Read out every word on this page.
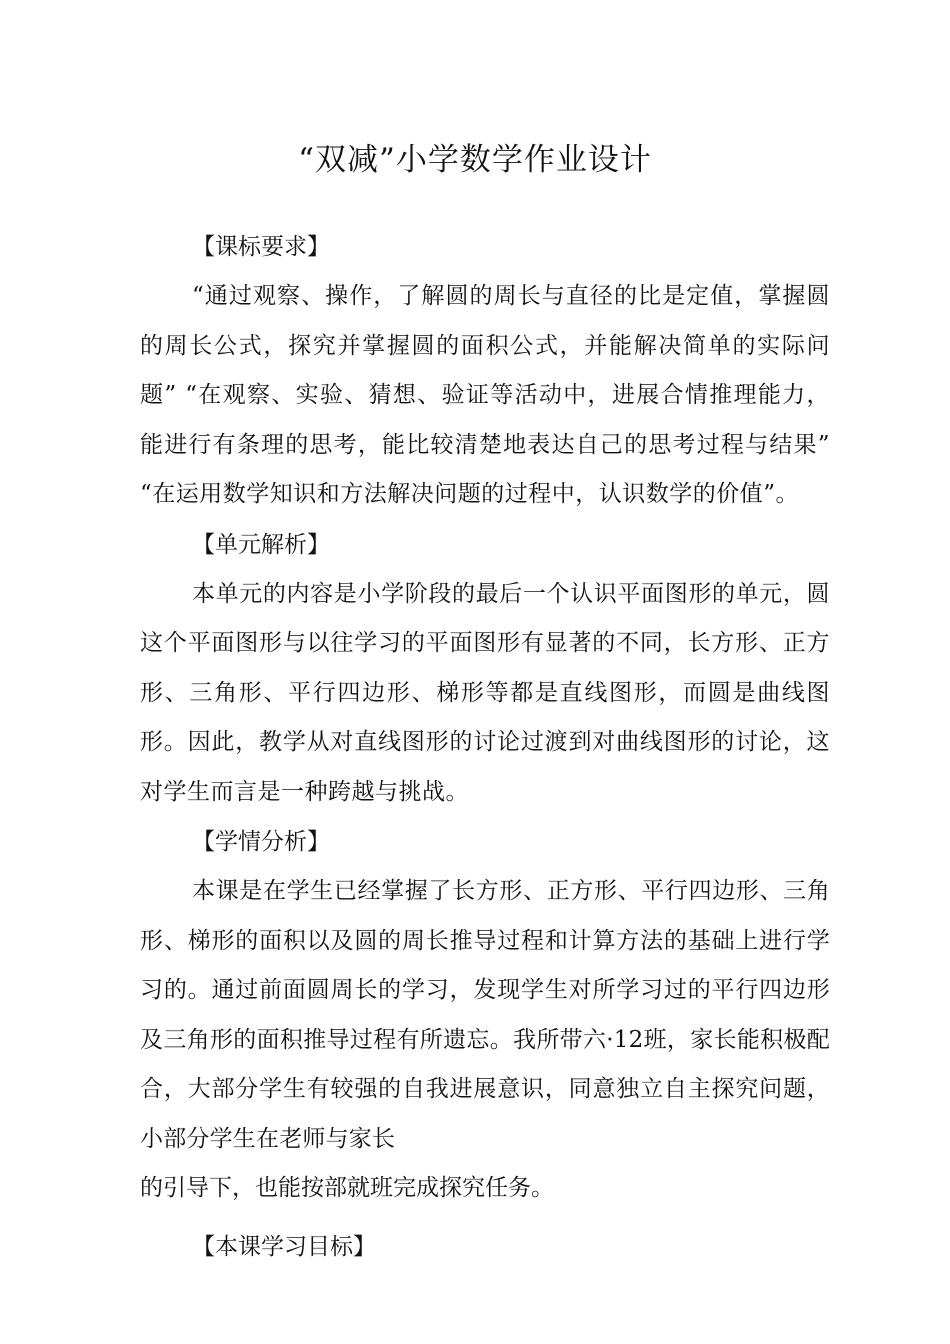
“双减”小学数学作业设计
【课标要求】

“通过观察、操作，了解圆的周长与直径的比是定值，掌握圆的周长公式，探究并掌握圆的面积公式，并能解决简单的实际问题” “在观察、实验、猜想、验证等活动中，进展合情推理能力，能进行有条理的思考，能比较清楚地表达自己的思考过程与结果” “在运用数学知识和方法解决问题的过程中，认识数学的价值”。

【单元解析】

本单元的内容是小学阶段的最后一个认识平面图形的单元，圆这个平面图形与以往学习的平面图形有显著的不同，长方形、正方形、三角形、平行四边形、梯形等都是直线图形，而圆是曲线图形。因此，教学从对直线图形的讨论过渡到对曲线图形的讨论，这对学生而言是一种跨越与挑战。

【学情分析】

本课是在学生已经掌握了长方形、正方形、平行四边形、三角形、梯形的面积以及圆的周长推导过程和计算方法的基础上进行学习的。通过前面圆周长的学习，发现学生对所学习过的平行四边形及三角形的面积推导过程有所遗忘。我所带六·12班，家长能积极配合，大部分学生有较强的自我进展意识，同意独立自主探究问题，小部分学生在老师与家长

的引导下，也能按部就班完成探究任务。

【本课学习目标】
